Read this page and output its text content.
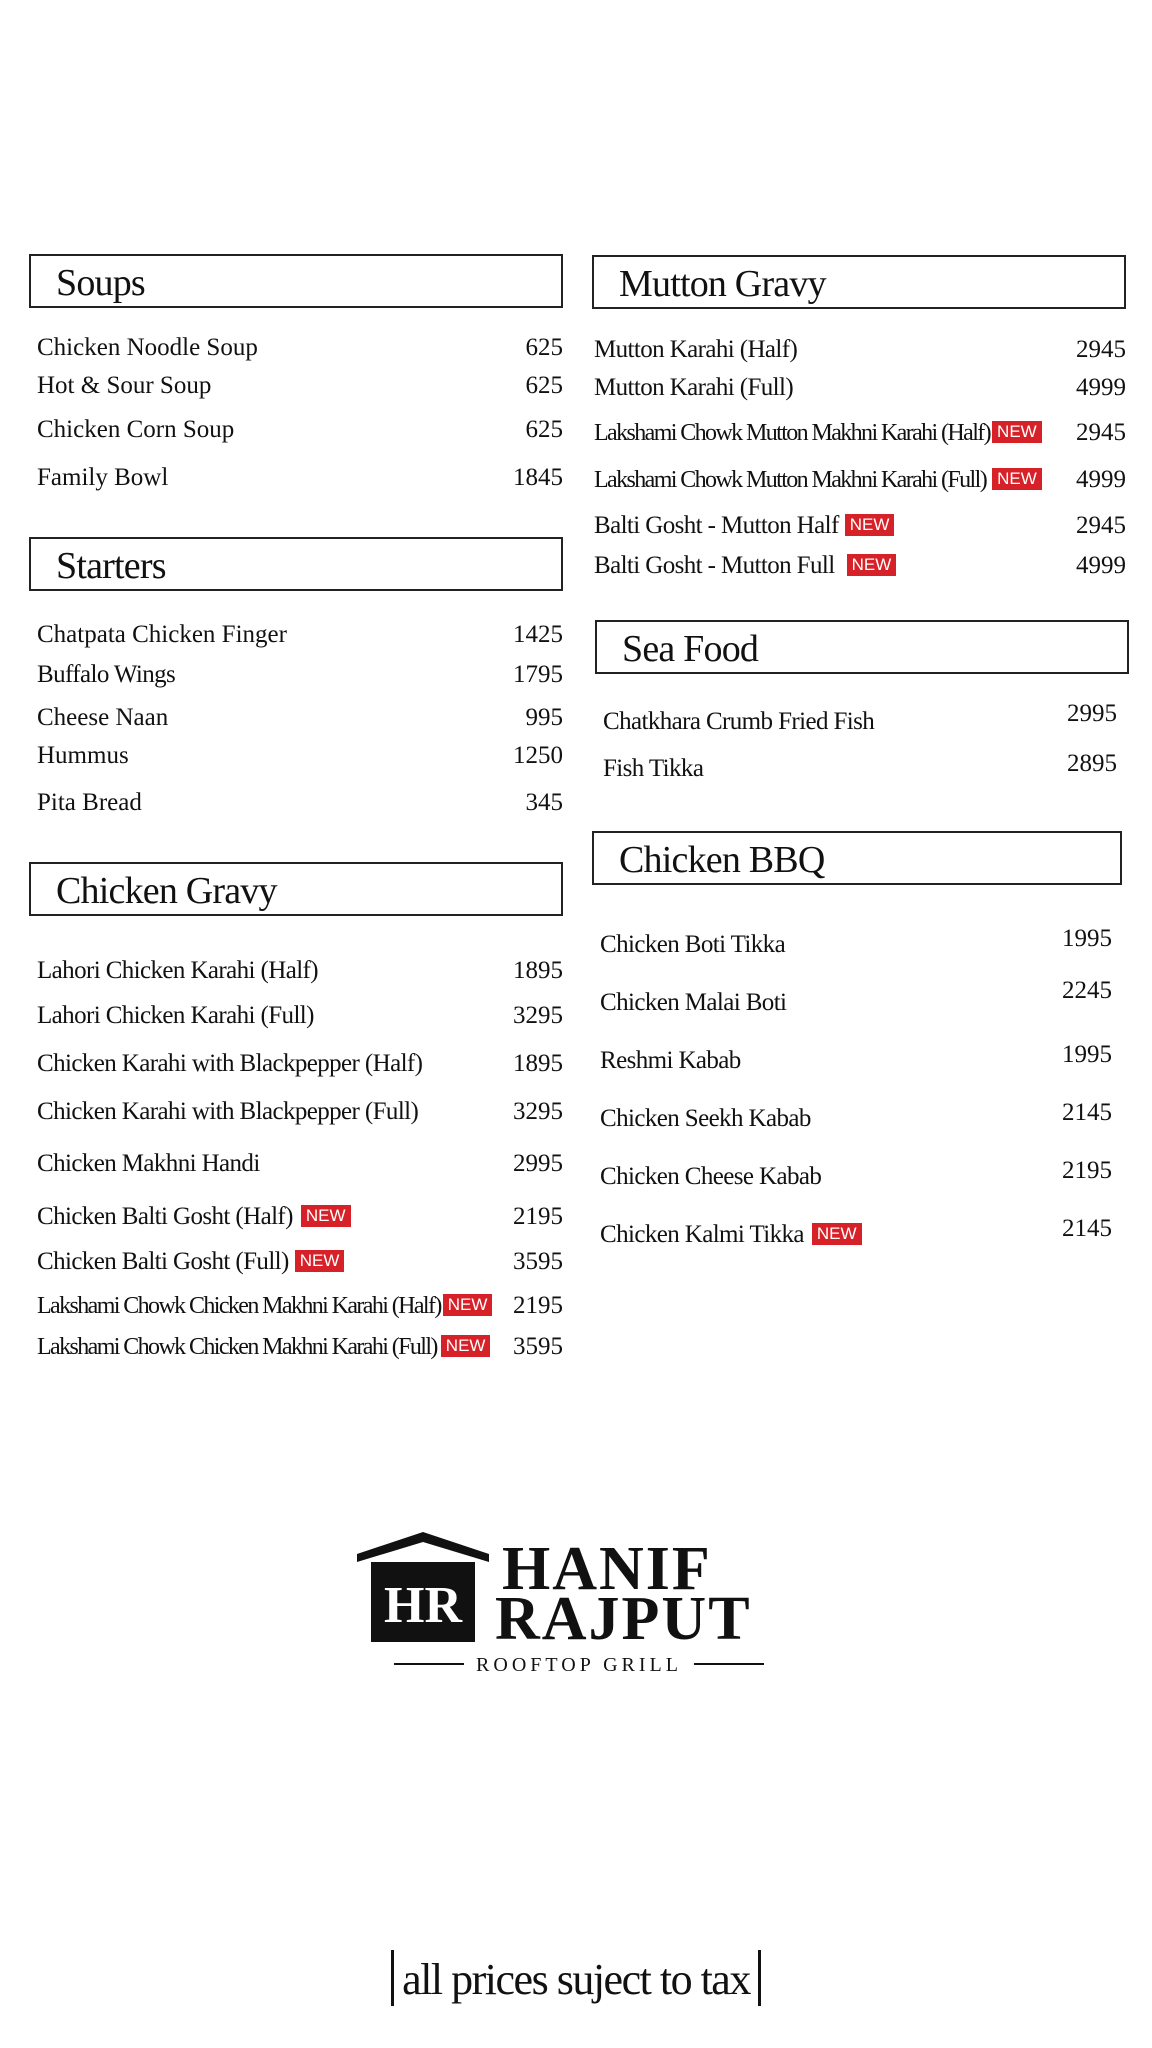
Soups
Chicken Noodle Soup	625
Hot & Sour Soup	625
Chicken Corn Soup	625
Family Bowl	1845
Starters
Chatpata Chicken Finger	1425
Buffalo Wings	1795
Cheese Naan	995
Hummus	1250
Pita Bread	345
Chicken Gravy
Lahori Chicken Karahi (Half)	1895
Lahori Chicken Karahi (Full)	3295
Chicken Karahi with Blackpepper (Half)	1895
Chicken Karahi with Blackpepper (Full)	3295
Chicken Makhni Handi	2995
Chicken Balti Gosht (Half) NEW	2195
Chicken Balti Gosht (Full) NEW	3595
Lakshami Chowk Chicken Makhni Karahi (Half) NEW 2195
Lakshami Chowk Chicken Makhni Karahi (Full) NEW 3595
Mutton Gravy
Mutton Karahi (Half)	2945
Mutton Karahi (Full)	4999
Lakshami Chowk Mutton Makhni Karahi (Half) NEW 2945
Lakshami Chowk Mutton Makhni Karahi (Full) NEW 4999
Balti Gosht - Mutton Half NEW	2945
Balti Gosht - Mutton Full NEW	4999
Sea Food
Chatkhara Crumb Fried Fish	2995
Fish Tikka	2895
Chicken BBQ
Chicken Boti Tikka	1995
Chicken Malai Boti	2245
Reshmi Kabab	1995
Chicken Seekh Kabab	2145
Chicken Cheese Kabab	2195
Chicken Kalmi Tikka NEW	2145
HR
HANIF
RAJPUT
ROOFTOP GRILL
all prices suject to tax
